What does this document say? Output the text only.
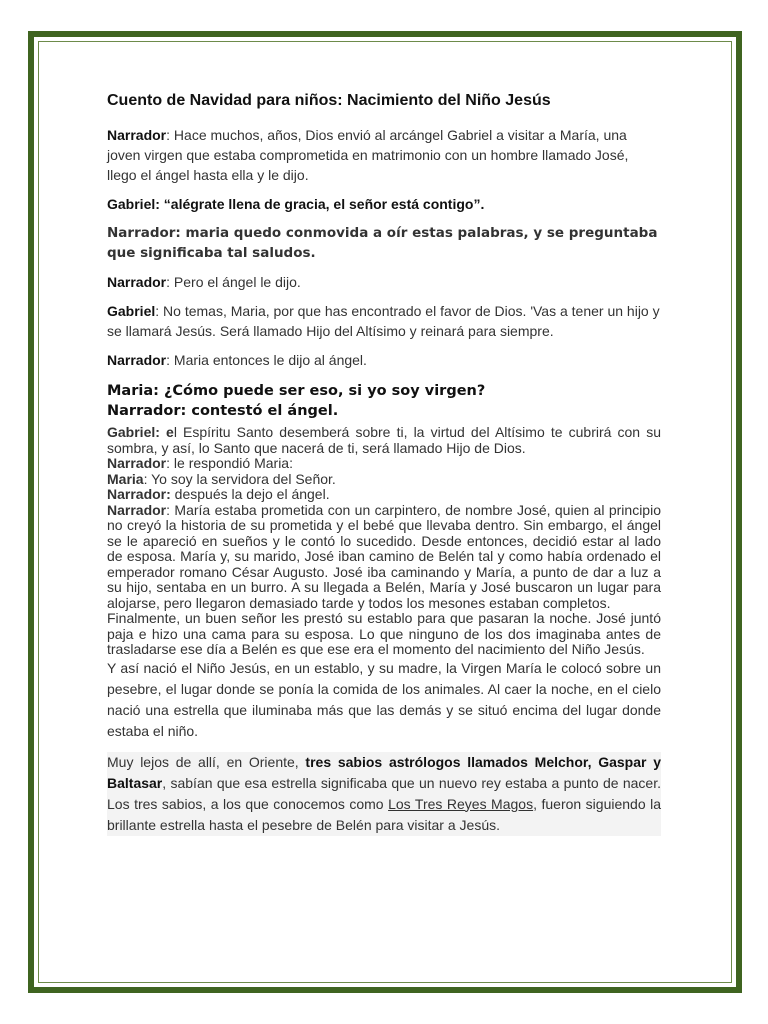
Cuento de Navidad para niños: Nacimiento del Niño Jesús

Narrador: Hace muchos, años, Dios envió al arcángel Gabriel a visitar a María, una joven virgen que estaba comprometida en matrimonio con un hombre llamado José, llego el ángel hasta ella y le dijo.

Gabriel: “alégrate llena de gracia, el señor está contigo”.

Narrador: maria quedo conmovida a oír estas palabras, y se preguntaba que significaba tal saludos.

Narrador: Pero el ángel le dijo.

Gabriel: No temas, Maria, por que has encontrado el favor de Dios. 'Vas a tener un hijo y se llamará Jesús. Será llamado Hijo del Altísimo y reinará para siempre.

Narrador: Maria entonces le dijo al ángel.

Maria: ¿Cómo puede ser eso, si yo soy virgen?
Narrador: contestó el ángel.
Gabriel: el Espíritu Santo desemberá sobre ti, la virtud del Altísimo te cubrirá con su sombra, y así, lo Santo que nacerá de ti, será llamado Hijo de Dios.
Narrador: le respondió Maria:
Maria: Yo soy la servidora del Señor.
Narrador: después la dejo el ángel.
Narrador: María estaba prometida con un carpintero, de nombre José, quien al principio no creyó la historia de su prometida y el bebé que llevaba dentro. Sin embargo, el ángel se le apareció en sueños y le contó lo sucedido. Desde entonces, decidió estar al lado de esposa. María y, su marido, José iban camino de Belén tal y como había ordenado el emperador romano César Augusto. José iba caminando y María, a punto de dar a luz a su hijo, sentaba en un burro. A su llegada a Belén, María y José buscaron un lugar para alojarse, pero llegaron demasiado tarde y todos los mesones estaban completos.
Finalmente, un buen señor les prestó su establo para que pasaran la noche. José juntó paja e hizo una cama para su esposa. Lo que ninguno de los dos imaginaba antes de trasladarse ese día a Belén es que ese era el momento del nacimiento del Niño Jesús.

Y así nació el Niño Jesús, en un establo, y su madre, la Virgen María le colocó sobre un pesebre, el lugar donde se ponía la comida de los animales. Al caer la noche, en el cielo nació una estrella que iluminaba más que las demás y se situó encima del lugar donde estaba el niño.

Muy lejos de allí, en Oriente, tres sabios astrólogos llamados Melchor, Gaspar y Baltasar, sabían que esa estrella significaba que un nuevo rey estaba a punto de nacer. Los tres sabios, a los que conocemos como Los Tres Reyes Magos, fueron siguiendo la brillante estrella hasta el pesebre de Belén para visitar a Jesús.
